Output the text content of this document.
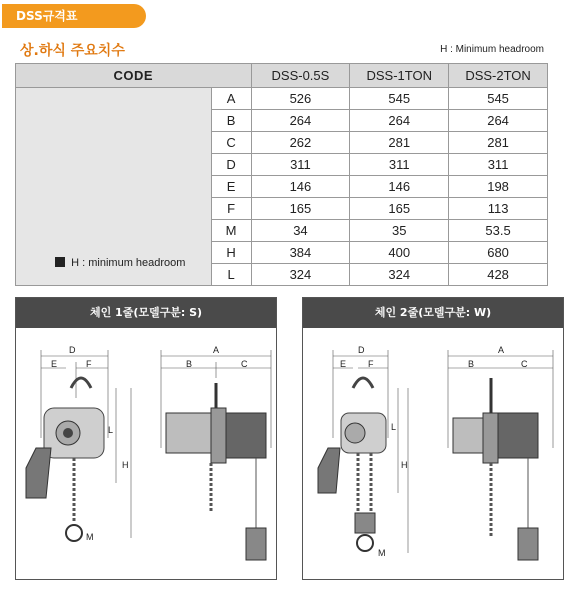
DSS규격표
상.하식 주요치수	H : Minimum headroom
CODE		DSS-0.5S	DSS-1TON	DSS-2TON
H : minimum headroom	A	526	545	545
	B	264	264	264
	C	262	281	281
	D	311	311	311
	E	146	146	198
	F	165	165	113
	M	34	35	53.5
	H	384	400	680
	L	324	324	428
체인 1줄(모델구분: S)
D
E	F
H
L
A
B	C
M
체인 2줄(모델구분: W)
D
E F
H
L
A
B	C
M
